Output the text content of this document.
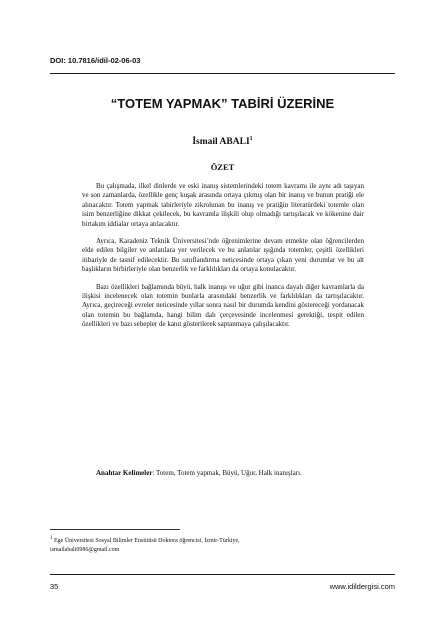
DOI: 10.7816/idil-02-06-03
“TOTEM YAPMAK” TABİRİ ÜZERİNE
İsmail ABALI$^1$
ÖZET

Bu çalışmada, ilkel dinlerde ve eski inanış sistemlerindeki totem kavramı ile aynı adı taşıyan ve son zamanlarda, özellikle genç kuşak arasında ortaya çıkmış olan bir inanış ve bunun pratiği ele alınacaktır. Totem yapmak tabirleriyle zikrolunan bu inanış ve pratiğin literatürdeki totemle olan isim benzerliğine dikkat çekilecek, bu kavramla ilişkili olup olmadığı tartışılacak ve kökenine dair birtakım iddialar ortaya atılacaktır.

Ayrıca, Karadeniz Teknik Üniversitesi’nde öğrenimlerine devam etmekte olan öğrencilerden elde edilen bilgiler ve anlatılara yer verilecek ve bu anlatılar ışığında totemler, çeşitli özellikleri itibariyle de tasnif edilecektir. Bu sınıflandırma neticesinde ortaya çıkan yeni durumlar ve bu alt başlıkların birbirleriyle olan benzerlik ve farklılıkları da ortaya konulacaktır.

Bazı özellikleri bağlamında büyü, halk inanışı ve uğur gibi inanca dayalı diğer kavramlarla da ilişkisi incelenecek olan totemin bunlarla arasındaki benzerlik ve farklılıkları da tartışılacaktır. Ayrıca, geçireceği evreler neticesinde yıllar sonra nasıl bir durumda kendini göstereceği yordanacak olan totemin bu bağlamda, hangi bilim dalı çerçevesinde incelenmesi gerektiği, tespit edilen özellikleri ve bazı sebepler de kanıt gösterilerek saptanmaya çalışılacaktır.

Anahtar Kelimeler: Totem, Totem yapmak, Büyü, Uğur, Halk inanışları.
$^1$ Ege Üniversitesi Sosyal Bilimler Enstitüsü Doktora öğrencisi, İzmir-Türkiye,
ismailabali0986@gmail.com
35	www.idildergisi.com
